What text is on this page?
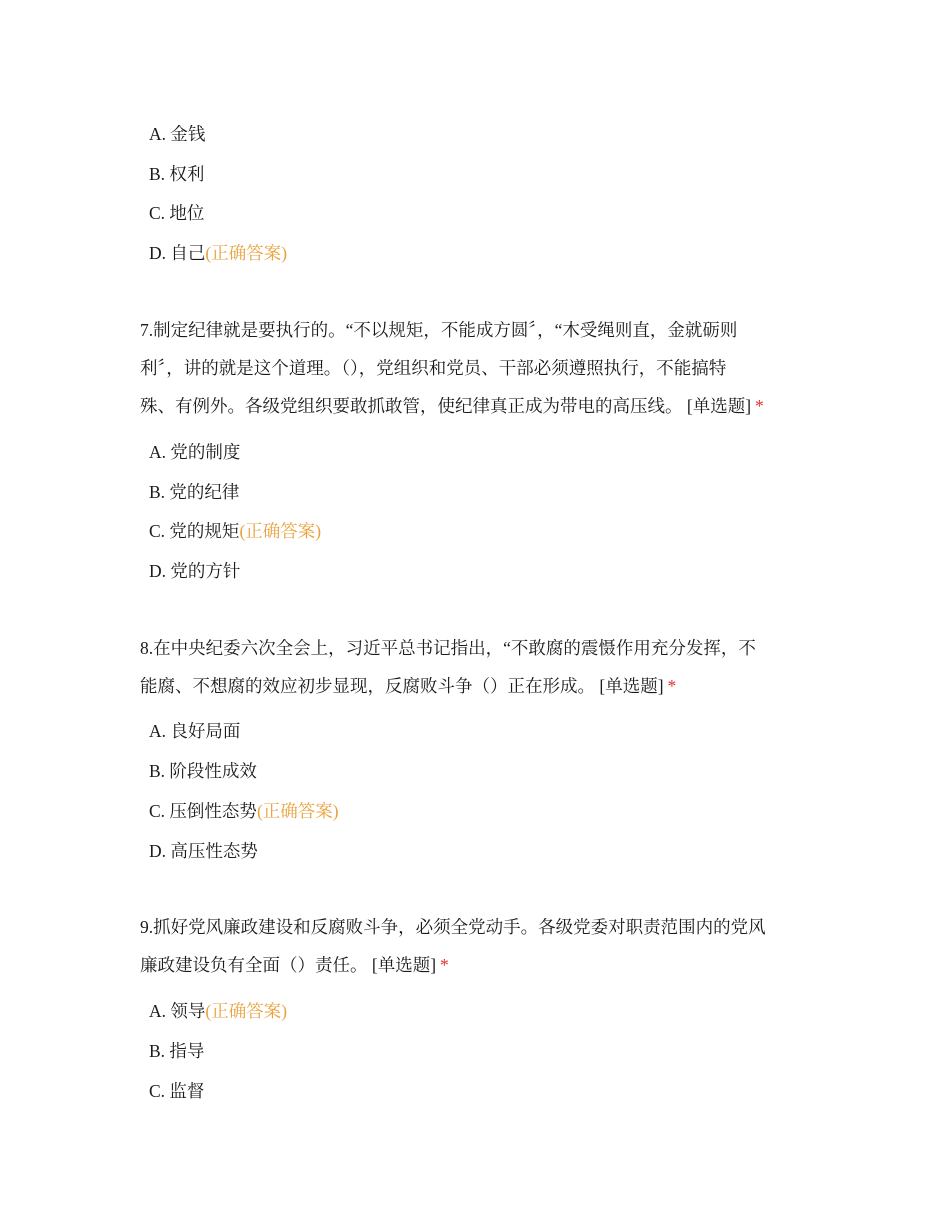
A. 金钱
B. 权利
C. 地位
D. 自己(正确答案)
7.制定纪律就是要执行的。“不以规矩，不能成方圆〞，“木受绳则直，金就砺则
利〞，讲的就是这个道理。（），党组织和党员、干部必须遵照执行，不能搞特
殊、有例外。各级党组织要敢抓敢管，使纪律真正成为带电的高压线。 [单选题] *
A. 党的制度
B. 党的纪律
C. 党的规矩(正确答案)
D. 党的方针
8.在中央纪委六次全会上，习近平总书记指出，“不敢腐的震慑作用充分发挥，不
能腐、不想腐的效应初步显现，反腐败斗争（）正在形成。 [单选题] *
A. 良好局面
B. 阶段性成效
C. 压倒性态势(正确答案)
D. 高压性态势
9.抓好党风廉政建设和反腐败斗争，必须全党动手。各级党委对职责范围内的党风
廉政建设负有全面（）责任。 [单选题] *
A. 领导(正确答案)
B. 指导
C. 监督
